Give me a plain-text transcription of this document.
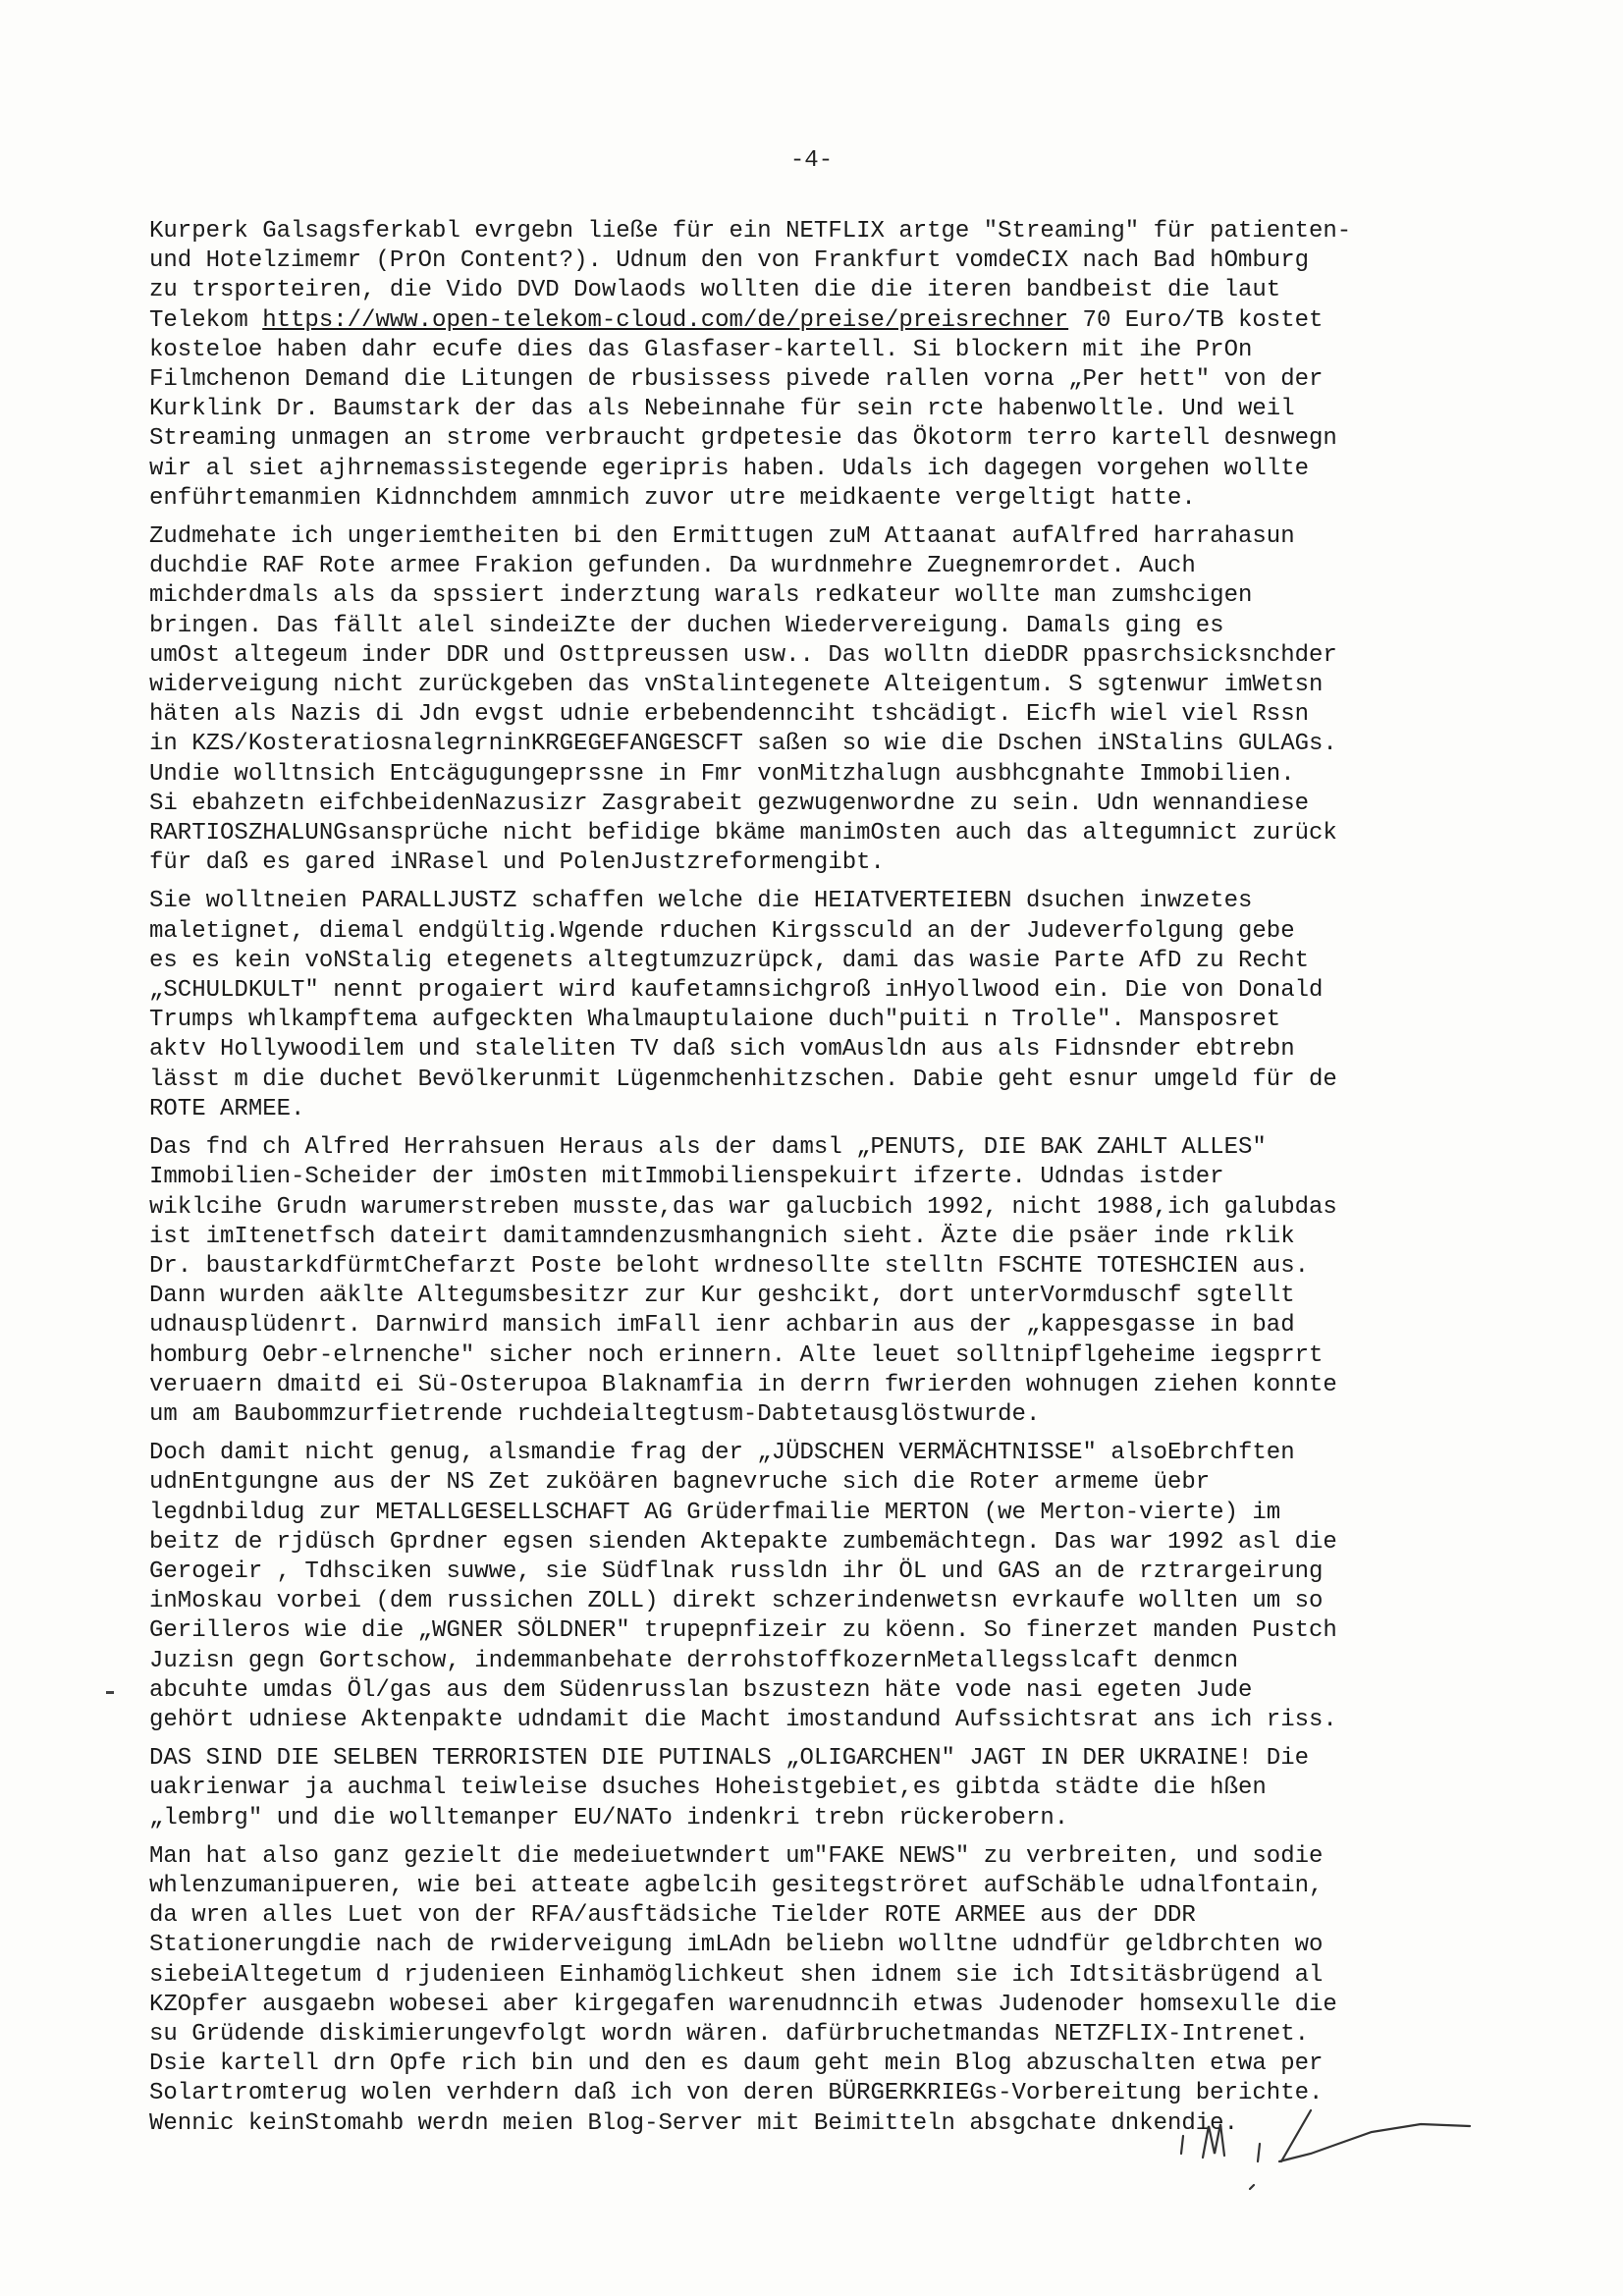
-4-
Kurperk Galsagsferkabl evrgebn ließe für ein NETFLIX artge "Streaming" für patienten-
und Hotelzimemr (PrOn Content?). Udnum den von Frankfurt vomdeCIX nach Bad hOmburg
zu trsporteiren, die Vido DVD Dowlaods wollten die die iteren bandbeist die laut
Telekom https://www.open-telekom-cloud.com/de/preise/preisrechner 70 Euro/TB kostet
kosteloe haben dahr ecufe dies das Glasfaser-kartell. Si blockern mit ihe PrOn
Filmchenon Demand die Litungen de rbusissess pivede rallen vorna „Per hett" von der
Kurklink Dr. Baumstark der das als Nebeinnahe für sein rcte habenwoltle. Und weil
Streaming unmagen an strome verbraucht grdpetesie das Ökotorm terro kartell desnwegn
wir al siet ajhrnemassistegende egeripris haben. Udals ich dagegen vorgehen wollte
enführtemanmien Kidnnchdem amnmich zuvor utre meidkaente vergeltigt hatte.
Zudmehate ich ungeriemtheiten bi den Ermittugen zuM Attaanat aufAlfred harrahasun
duchdie RAF Rote armee Frakion gefunden. Da wurdnmehre Zuegnemrordet. Auch
michderdmals als da spssiert inderztung warals redkateur wollte man zumshcigen
bringen. Das fällt alel sindeiZte der duchen Wiedervereigung. Damals ging es
umOst altegeum inder DDR und Osttpreussen usw.. Das wolltn dieDDR ppasrchsicksnchder
widerveigung nicht zurückgeben das vnStalintegenete Alteigentum. S sgtenwur imWetsn
häten als Nazis di Jdn evgst udnie erbebendennciht tshcädigt. Eicfh wiel viel Rssn
in KZS/KosteratiosnalegrninKRGEGEFANGESCFT saßen so wie die Dschen iNStalins GULAGs.
Undie wolltnsich Entcägugungeprssne in Fmr vonMitzhalugn ausbhcgnahte Immobilien.
Si ebahzetn eifchbeidenNazusizr Zasgrabeit gezwugenwordne zu sein. Udn wennandiese
RARTIOSZHALUNGsansprüche nicht befidige bkäme manimOsten auch das altegumnict zurück
für daß es gared iNRasel und PolenJustzreformengibt.
Sie wolltneien PARALLJUSTZ schaffen welche die HEIATVERTEIEBN dsuchen inwzetes
maletignet, diemal endgültig.Wgende rduchen Kirgssculd an der Judeverfolgung gebe
es es kein voNStalig etegenets altegtumzuzrüpck, dami das wasie Parte AfD zu Recht
„SCHULDKULT" nennt progaiert wird kaufetamnsichgroß inHyollwood ein. Die von Donald
Trumps whlkampftema aufgeckten Whalmauptulaione duch"puiti n Trolle". Mansposret
aktv Hollywoodilem und staleliten TV daß sich vomAusldn aus als Fidnsnder ebtrebn
lässt m die duchet Bevölkerunmit Lügenmchenhitzschen. Dabie geht esnur umgeld für de
ROTE ARMEE.
Das fnd ch Alfred Herrahsuen Heraus als der damsl „PENUTS, DIE BAK ZAHLT ALLES"
Immobilien-Scheider der imOsten mitImmobilienspekuirt ifzerte. Udndas istder
wiklcihe Grudn warumerstreben musste,das war galucbich 1992, nicht 1988,ich galubdas
ist imItenetfsch dateirt damitamndenzusmhangnich sieht. Äzte die psäer inde rklik
Dr. baustarkdfürmtChefarzt Poste beloht wrdnesollte stelltn FSCHTE TOTESHCIEN aus.
Dann wurden aäklte Altegumsbesitzr zur Kur geshcikt, dort unterVormduschf sgtellt
udnausplüdenrt. Darnwird mansich imFall ienr achbarin aus der „kappesgasse in bad
homburg Oebr-elrnenche" sicher noch erinnern. Alte leuet solltnipflgeheime iegsprrt
veruaern dmaitd ei Sü-Osterupoa Blaknamfia in derrn fwrierden wohnugen ziehen konnte
um am Baubommzurfietrende ruchdeialtegtusm-Dabtetausglöstwurde.
Doch damit nicht genug, alsmandie frag der „JÜDSCHEN VERMÄCHTNISSE" alsoEbrchften
udnEntgungne aus der NS Zet zuköären bagnevruche sich die Roter armeme üebr
legdnbildug zur METALLGESELLSCHAFT AG Grüderfmailie MERTON (we Merton-vierte) im
beitz de rjdüsch Gprdner egsen sienden Aktepakte zumbemächtegn. Das war 1992 asl die
Gerogeir , Tdhsciken suwwe, sie Südflnak russldn ihr ÖL und GAS an de rztrargeirung
inMoskau vorbei (dem russichen ZOLL) direkt schzerindenwetsn evrkaufe wollten um so
Gerilleros wie die „WGNER SÖLDNER" trupepnfizeir zu köenn. So finerzet manden Pustch
Juzisn gegn Gortschow, indemmanbehate derrohstoffkozernMetallegsslcaft denmcn
abcuhte umdas Öl/gas aus dem Südenrusslan bszustezn häte vode nasi egeten Jude
gehört udniese Aktenpakte udndamit die Macht imostandund Aufssichtsrat ans ich riss.
DAS SIND DIE SELBEN TERRORISTEN DIE PUTINALS „OLIGARCHEN" JAGT IN DER UKRAINE! Die
uakrienwar ja auchmal teiwleise dsuches Hoheistgebiet,es gibtda städte die hßen
„lembrg" und die wolltemanper EU/NATo indenkri trebn rückerobern.
Man hat also ganz gezielt die medeiuetwndert um"FAKE NEWS" zu verbreiten, und sodie
whlenzumanipueren, wie bei atteate agbelcih gesitegströret aufSchäble udnalfontain,
da wren alles Luet von der RFA/ausftädsiche Tielder ROTE ARMEE aus der DDR
Stationerungdie nach de rwiderveigung imLAdn beliebn wolltne udndfür geldbrchten wo
siebeiAltegetum d rjudenieen Einhamöglichkeut shen idnem sie ich Idtsitäsbrügend al
KZOpfer ausgaebn wobesei aber kirgegafen warenudnncih etwas Judenoder homsexulle die
su Grüdende diskimierungevfolgt wordn wären. dafürbruchetmandas NETZFLIX-Intrenet.
Dsie kartell drn Opfe rich bin und den es daum geht mein Blog abzuschalten etwa per
Solartromterug wolen verhdern daß ich von deren BÜRGERKRIEGs-Vorbereitung berichte.
Wennic keinStomahb werdn meien Blog-Server mit Beimitteln absgchate dnkendie.
